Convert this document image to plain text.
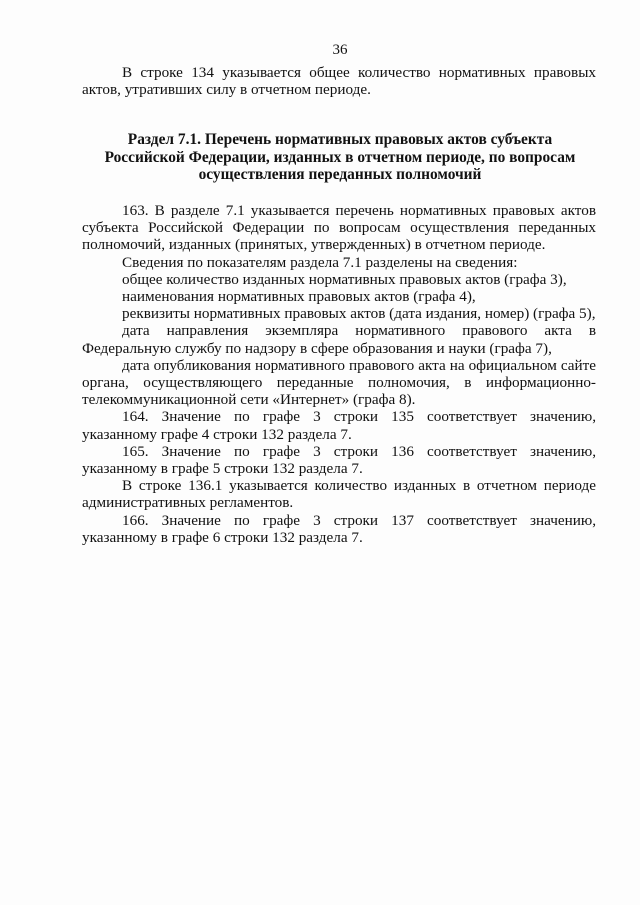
36
В строке 134 указывается общее количество нормативных правовых
актов, утративших силу в отчетном периоде.
Раздел 7.1. Перечень нормативных правовых актов субъекта
Российской Федерации, изданных в отчетном периоде, по вопросам
осуществления переданных полномочий

163. В разделе 7.1 указывается перечень нормативных правовых актов субъекта Российской Федерации по вопросам осуществления переданных полномочий, изданных (принятых, утвержденных) в отчетном периоде.

Сведения по показателям раздела 7.1 разделены на сведения:

общее количество изданных нормативных правовых актов (графа 3),

наименования нормативных правовых актов (графа 4),

реквизиты нормативных правовых актов (дата издания, номер) (графа 5),

дата направления экземпляра нормативного правового акта в Федеральную службу по надзору в сфере образования и науки (графа 7),

дата опубликования нормативного правового акта на официальном сайте органа, осуществляющего переданные полномочия, в информационно-телекоммуникационной сети «Интернет» (графа 8).

164. Значение по графе 3 строки 135 соответствует значению, указанному графе 4 строки 132 раздела 7.

165. Значение по графе 3 строки 136 соответствует значению, указанному в графе 5 строки 132 раздела 7.

В строке 136.1 указывается количество изданных в отчетном периоде административных регламентов.

166. Значение по графе 3 строки 137 соответствует значению, указанному в графе 6 строки 132 раздела 7.
